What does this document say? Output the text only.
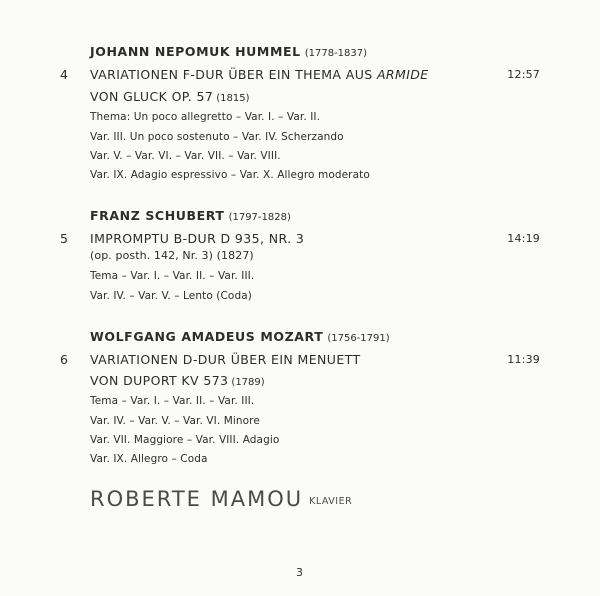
JOHANN NEPOMUK HUMMEL (1778-1837)
4 VARIATIONEN F-DUR ÜBER EIN THEMA AUS ARMIDE	12:57
VON GLUCK OP. 57 (1815)
Thema: Un poco allegretto – Var. I. – Var. II.
Var. III. Un poco sostenuto – Var. IV. Scherzando
Var. V. – Var. VI. – Var. VII. – Var. VIII.
Var. IX. Adagio espressivo – Var. X. Allegro moderato
FRANZ SCHUBERT (1797-1828)
5 IMPROMPTU B-DUR D 935, NR. 3	14:19
(op. posth. 142, Nr. 3) (1827)
Tema – Var. I. – Var. II. – Var. III.
Var. IV. – Var. V. – Lento (Coda)
WOLFGANG AMADEUS MOZART (1756-1791)
6 VARIATIONEN D-DUR ÜBER EIN MENUETT	11:39
VON DUPORT KV 573 (1789)
Tema – Var. I. – Var. II. – Var. III.
Var. IV. – Var. V. – Var. VI. Minore
Var. VII. Maggiore – Var. VIII. Adagio
Var. IX. Allegro – Coda
ROBERTE MAMOU KLAVIER
3
